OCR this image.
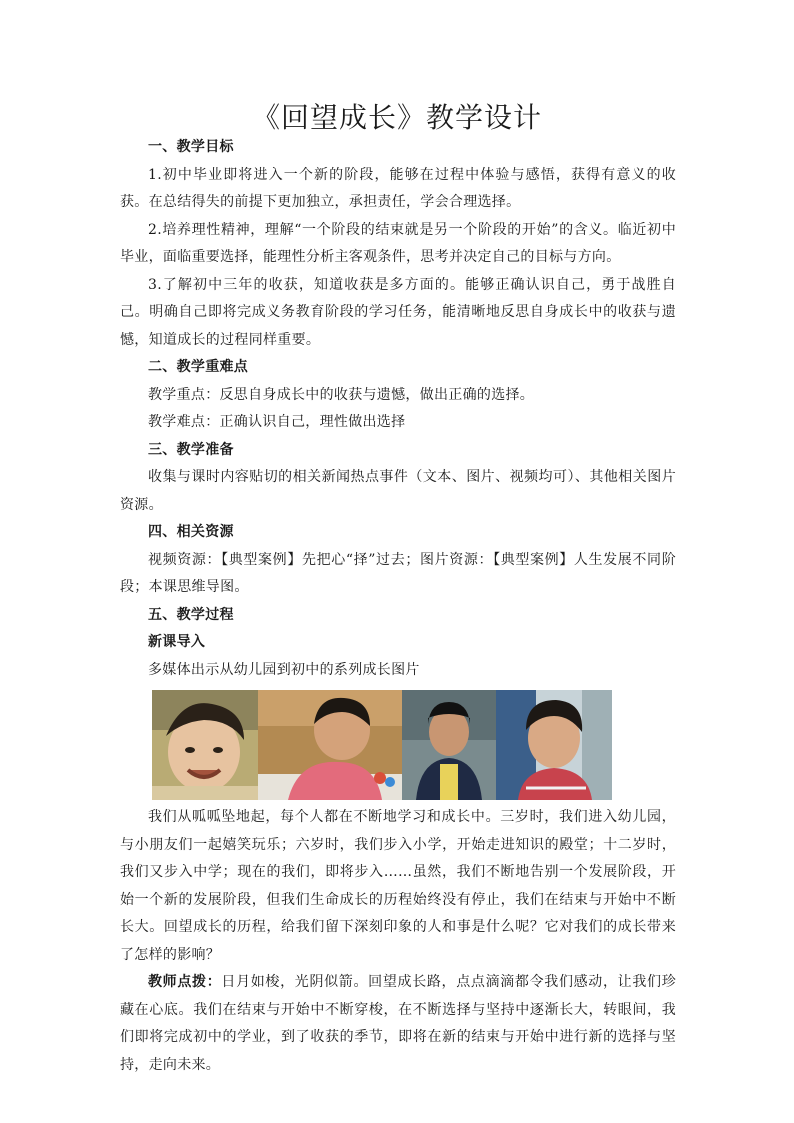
《回望成长》教学设计

一、教学目标

1.初中毕业即将进入一个新的阶段，能够在过程中体验与感悟，获得有意义的收获。在总结得失的前提下更加独立，承担责任，学会合理选择。

2.培养理性精神，理解“一个阶段的结束就是另一个阶段的开始”的含义。临近初中毕业，面临重要选择，能理性分析主客观条件，思考并决定自己的目标与方向。

3.了解初中三年的收获，知道收获是多方面的。能够正确认识自己，勇于战胜自己。明确自己即将完成义务教育阶段的学习任务，能清晰地反思自身成长中的收获与遗憾，知道成长的过程同样重要。

二、教学重难点

教学重点：反思自身成长中的收获与遗憾，做出正确的选择。

教学难点：正确认识自己，理性做出选择

三、教学准备

收集与课时内容贴切的相关新闻热点事件（文本、图片、视频均可）、其他相关图片资源。

四、相关资源

视频资源：【典型案例】先把心“择”过去；图片资源：【典型案例】人生发展不同阶段；本课思维导图。

五、教学过程

新课导入

多媒体出示从幼儿园到初中的系列成长图片

我们从呱呱坠地起，每个人都在不断地学习和成长中。三岁时，我们进入幼儿园，与小朋友们一起嬉笑玩乐；六岁时，我们步入小学，开始走进知识的殿堂；十二岁时，我们又步入中学；现在的我们，即将步入……虽然，我们不断地告别一个发展阶段，开始一个新的发展阶段，但我们生命成长的历程始终没有停止，我们在结束与开始中不断长大。回望成长的历程，给我们留下深刻印象的人和事是什么呢？它对我们的成长带来了怎样的影响？

教师点拨：日月如梭，光阴似箭。回望成长路，点点滴滴都令我们感动，让我们珍藏在心底。我们在结束与开始中不断穿梭，在不断选择与坚持中逐渐长大，转眼间，我们即将完成初中的学业，到了收获的季节，即将在新的结束与开始中进行新的选择与坚持，走向未来。
